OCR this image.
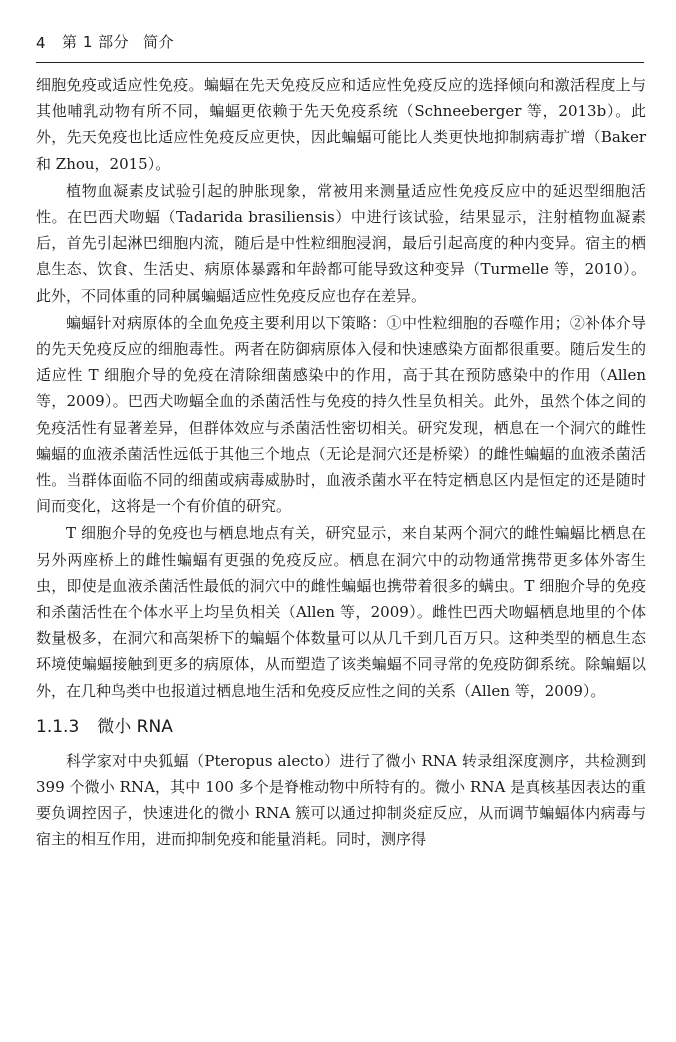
4 第 1 部分 简介

细胞免疫或适应性免疫。蝙蝠在先天免疫反应和适应性免疫反应的选择倾向和激活程度上与其他哺乳动物有所不同，蝙蝠更依赖于先天免疫系统（Schneeberger 等，2013b）。此外，先天免疫也比适应性免疫反应更快，因此蝙蝠可能比人类更快地抑制病毒扩增（Baker 和 Zhou，2015）。

植物血凝素皮试验引起的肿胀现象，常被用来测量适应性免疫反应中的延迟型细胞活性。在巴西犬吻蝠（Tadarida brasiliensis）中进行该试验，结果显示，注射植物血凝素后，首先引起淋巴细胞内流，随后是中性粒细胞浸润，最后引起高度的种内变异。宿主的栖息生态、饮食、生活史、病原体暴露和年龄都可能导致这种变异（Turmelle 等，2010）。此外，不同体重的同种属蝙蝠适应性免疫反应也存在差异。

蝙蝠针对病原体的全血免疫主要利用以下策略：①中性粒细胞的吞噬作用；②补体介导的先天免疫反应的细胞毒性。两者在防御病原体入侵和快速感染方面都很重要。随后发生的适应性 T 细胞介导的免疫在清除细菌感染中的作用，高于其在预防感染中的作用（Allen 等，2009）。巴西犬吻蝠全血的杀菌活性与免疫的持久性呈负相关。此外，虽然个体之间的免疫活性有显著差异，但群体效应与杀菌活性密切相关。研究发现，栖息在一个洞穴的雌性蝙蝠的血液杀菌活性远低于其他三个地点（无论是洞穴还是桥梁）的雌性蝙蝠的血液杀菌活性。当群体面临不同的细菌或病毒威胁时，血液杀菌水平在特定栖息区内是恒定的还是随时间而变化，这将是一个有价值的研究。

T 细胞介导的免疫也与栖息地点有关，研究显示，来自某两个洞穴的雌性蝙蝠比栖息在另外两座桥上的雌性蝙蝠有更强的免疫反应。栖息在洞穴中的动物通常携带更多体外寄生虫，即使是血液杀菌活性最低的洞穴中的雌性蝙蝠也携带着很多的螨虫。T 细胞介导的免疫和杀菌活性在个体水平上均呈负相关（Allen 等，2009）。雌性巴西犬吻蝠栖息地里的个体数量极多，在洞穴和高架桥下的蝙蝠个体数量可以从几千到几百万只。这种类型的栖息生态环境使蝙蝠接触到更多的病原体，从而塑造了该类蝙蝠不同寻常的免疫防御系统。除蝙蝠以外，在几种鸟类中也报道过栖息地生活和免疫反应性之间的关系（Allen 等，2009）。

1.1.3 微小 RNA

科学家对中央狐蝠（Pteropus alecto）进行了微小 RNA 转录组深度测序，共检测到 399 个微小 RNA，其中 100 多个是脊椎动物中所特有的。微小 RNA 是真核基因表达的重要负调控因子，快速进化的微小 RNA 簇可以通过抑制炎症反应，从而调节蝙蝠体内病毒与宿主的相互作用，进而抑制免疫和能量消耗。同时，测序得
